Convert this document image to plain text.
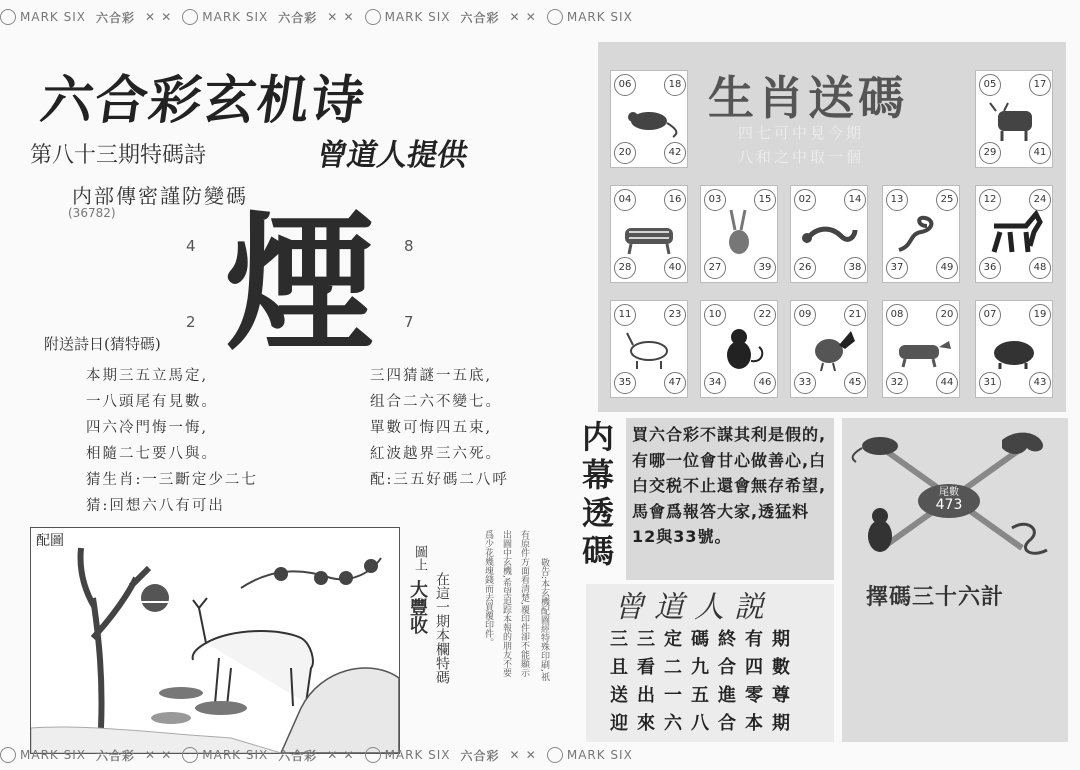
MARK SIX 六合彩 ✕ ✕	MARK SIX 六合彩 ✕ ✕	MARK SIX 六合彩 ✕ ✕	MARK SIX
六合彩玄机诗
第八十三期特碼詩	曾道人提供
内部傳密謹防變碼
(36782)
4	8
2	7
煙
附送詩日(猜特碼)
本期三五立馬定,
一八頭尾有見數。
四六冷門悔一悔,
相隨二七要八與。
猜生肖:一三斷定少二七
猜:回想六八有可出
三四猜謎一五底,
组合二六不變七。
單數可悔四五束,
紅波越界三六死。
配:三五好碼二八呼
配圖
圖上
大豐收 在這一期本欄特碼	敬告:本玄機配圖經特殊印刷,祇
有原件方面看清楚,覆印件卻不能顯示
出圖中玄機,希望追踪本報的朋友不要
爲少花幾塊錢而去買覆印件。
生肖送碼
四七可中見今期
八和之中取一個
06	18
20	42
05	17
29	41
04	16
28	40
03	15
27	39
02	14
26	38
13	25
37	49
12	24
36	48
11	23
35	47
10	22
34	46
09	21
33	45
08	20
32	44
07	19
31	43
内
幕
透
碼
買六合彩不謀其利是假的,有哪一位會甘心做善心,白白交税不止還會無存希望,馬會爲報答大家,透猛料12與33號。
曾道人説
三三定碼終有期
且看二九合四數
送出一五進零尊
迎來六八合本期
尾數
473
擇碼三十六計
MARK SIX 六合彩 ✕ ✕	MARK SIX 六合彩 ✕ ✕	MARK SIX 六合彩 ✕ ✕	MARK SIX
